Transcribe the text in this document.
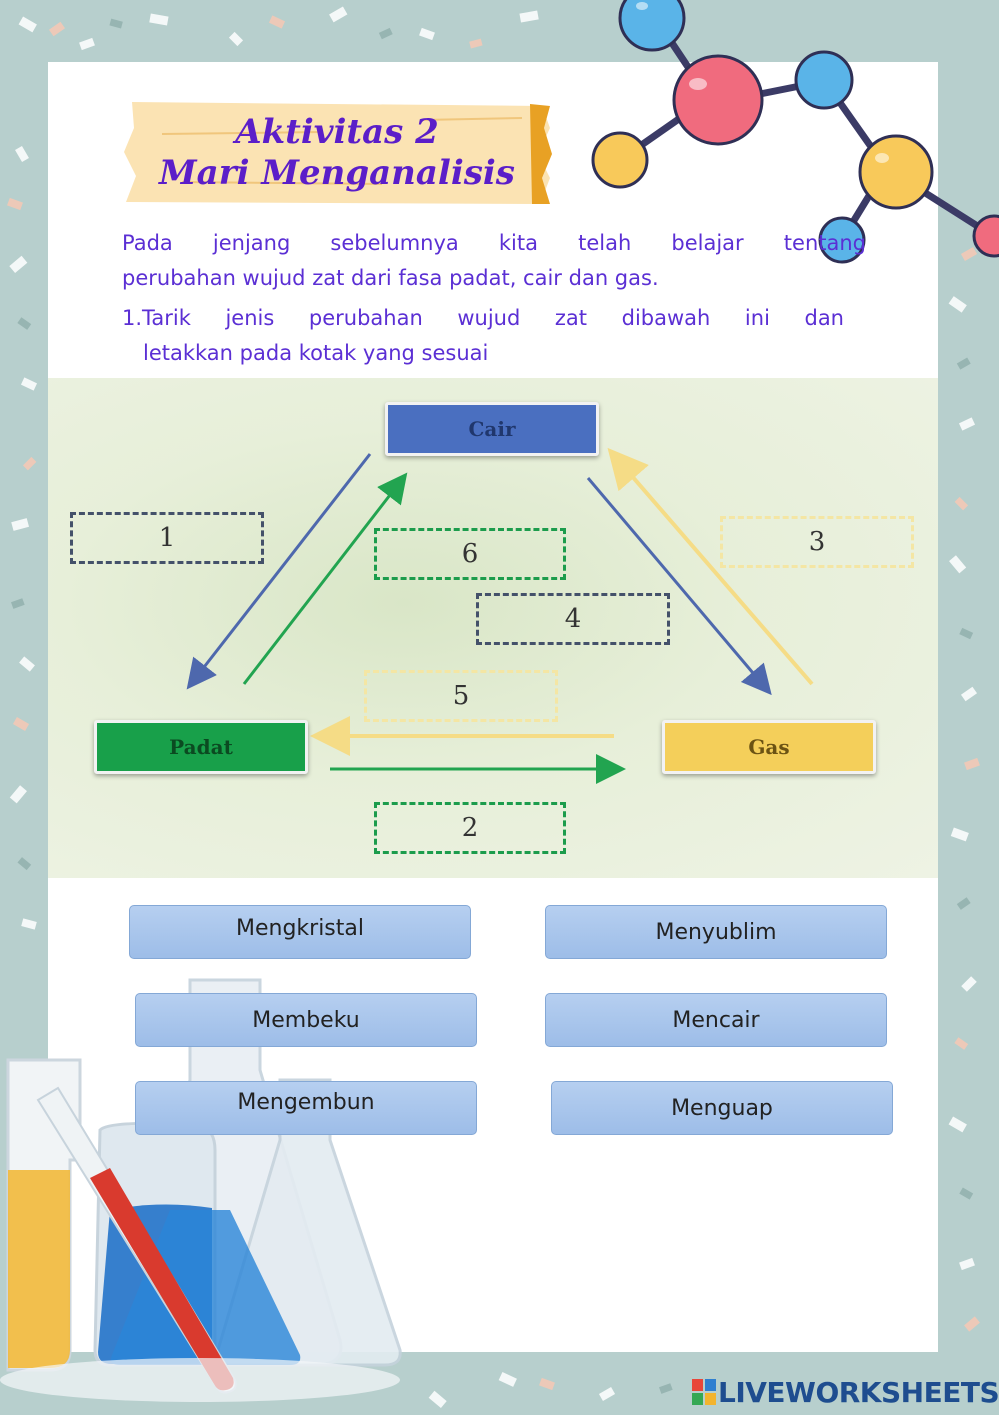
Aktivitas 2
Mari Menganalisis
Pada jenjang sebelumnya kita telah belajar tentang
perubahan wujud zat dari fasa padat, cair dan gas.
1.Tarik jenis perubahan wujud zat dibawah ini dan
letakkan pada kotak yang sesuai
Cair
Padat	Gas
1
6
4
3
5
2
Mengkristal	Menyublim
Membeku	Mencair
Mengembun	Menguap
LIVEWORKSHEETS
